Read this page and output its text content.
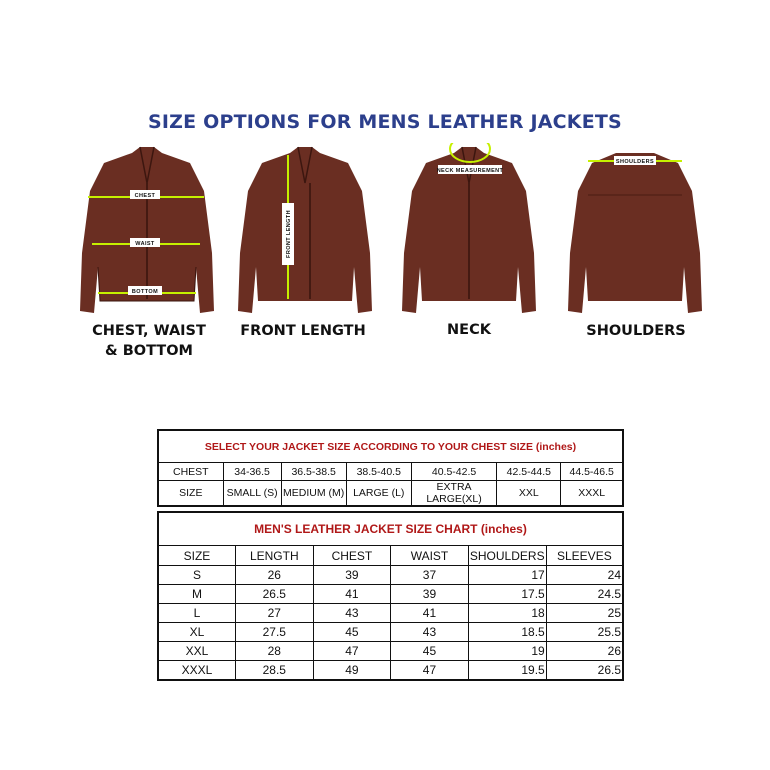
SIZE OPTIONS FOR MENS LEATHER JACKETS
CHEST
WAIST
BOTTOM
FRONT LENGTH
NECK MEASUREMENT
SHOULDERS
CHEST, WAIST
& BOTTOM
FRONT LENGTH	NECK	SHOULDERS
SELECT YOUR JACKET SIZE ACCORDING TO YOUR CHEST SIZE (inches)						
CHEST	34-36.5	36.5-38.5	38.5-40.5	40.5-42.5	42.5-44.5	44.5-46.5
SIZE	SMALL (S)	MEDIUM (M)	LARGE (L)	EXTRA LARGE(XL)	XXL	XXXL
MEN'S LEATHER JACKET SIZE CHART (inches)					
SIZE	LENGTH	CHEST	WAIST	SHOULDERS	SLEEVES
S	26	39	37	17	24
M	26.5	41	39	17.5	24.5
L	27	43	41	18	25
XL	27.5	45	43	18.5	25.5
XXL	28	47	45	19	26
XXXL	28.5	49	47	19.5	26.5
